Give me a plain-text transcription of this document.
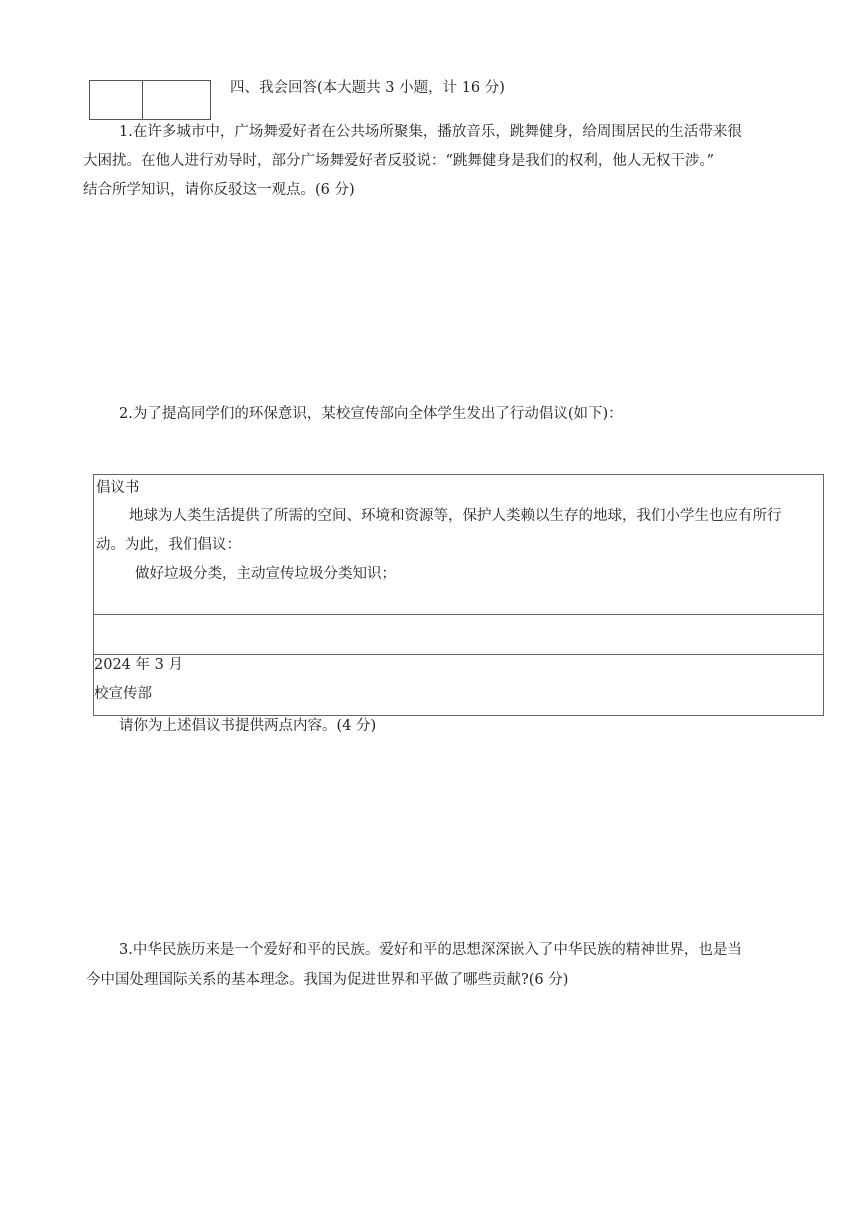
四、我会回答(本大题共 3 小题，计 16 分)
1.在许多城市中，广场舞爱好者在公共场所聚集，播放音乐，跳舞健身，给周围居民的生活带来很
大困扰。在他人进行劝导时，部分广场舞爱好者反驳说：“跳舞健身是我们的权利，他人无权干涉。”
结合所学知识，请你反驳这一观点。(6 分)
2.为了提高同学们的环保意识，某校宣传部向全体学生发出了行动倡议(如下)：
倡议书
地球为人类生活提供了所需的空间、环境和资源等，保护人类赖以生存的地球，我们小学生也应有所行
动。为此，我们倡议：
做好垃圾分类，主动宣传垃圾分类知识；
2024 年 3 月
校宣传部
请你为上述倡议书提供两点内容。(4 分)
3.中华民族历来是一个爱好和平的民族。爱好和平的思想深深嵌入了中华民族的精神世界，也是当
今中国处理国际关系的基本理念。我国为促进世界和平做了哪些贡献?(6 分)
